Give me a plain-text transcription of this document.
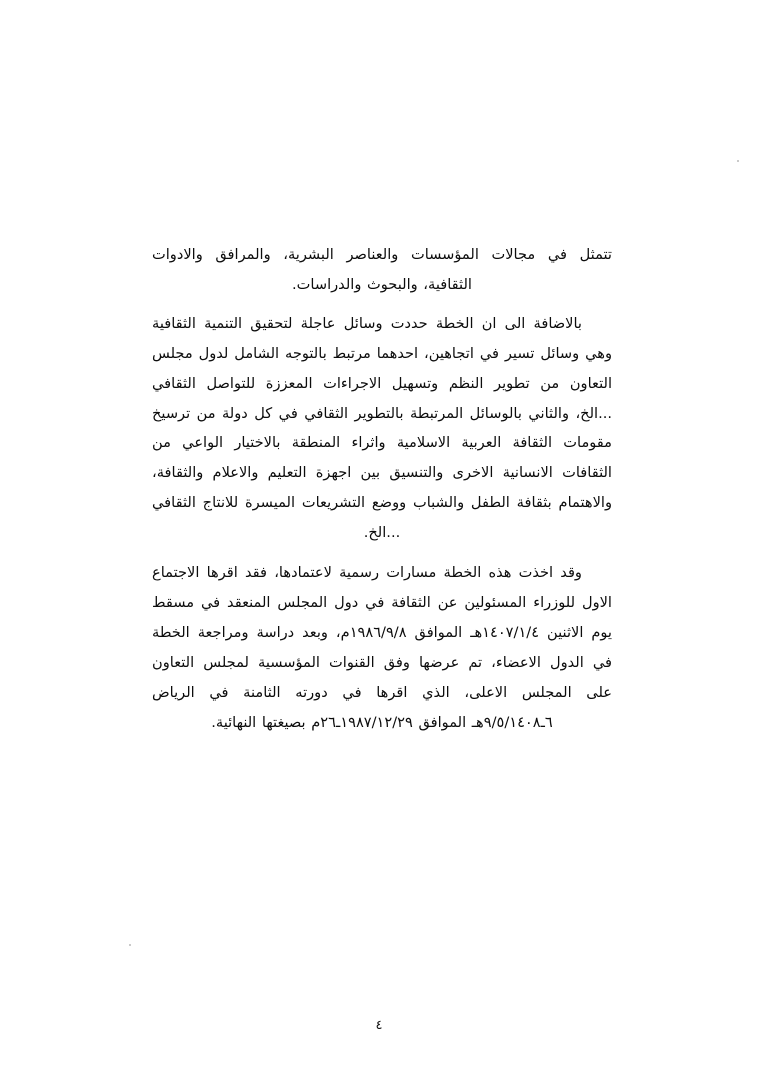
تتمثل في مجالات المؤسسات والعناصر البشرية، والمرافق والادوات الثقافية، والبحوث والدراسات.

بالاضافة الى ان الخطة حددت وسائل عاجلة لتحقيق التنمية الثقافية وهي وسائل تسير في اتجاهين، احدهما مرتبط بالتوجه الشامل لدول مجلس التعاون من تطوير النظم وتسهيل الاجراءات المعززة للتواصل الثقافي ...الخ، والثاني بالوسائل المرتبطة بالتطوير الثقافي في كل دولة من ترسيخ مقومات الثقافة العربية الاسلامية واثراء المنطقة بالاختيار الواعي من الثقافات الانسانية الاخرى والتنسيق بين اجهزة التعليم والاعلام والثقافة، والاهتمام بثقافة الطفل والشباب ووضع التشريعات الميسرة للانتاج الثقافي ...الخ.

وقد اخذت هذه الخطة مسارات رسمية لاعتمادها، فقد اقرها الاجتماع الاول للوزراء المسئولين عن الثقافة في دول المجلس المنعقد في مسقط يوم الاثنين ١٤٠٧/١/٤هـ الموافق ١٩٨٦/٩/٨م، وبعد دراسة ومراجعة الخطة في الدول الاعضاء، تم عرضها وفق القنوات المؤسسية لمجلس التعاون على المجلس الاعلى، الذي اقرها في دورته الثامنة في الرياض ٦ـ٩/٥/١٤٠٨هـ الموافق ١٩٨٧/١٢/٢٩ـ٢٦م بصيغتها النهائية.

٤
